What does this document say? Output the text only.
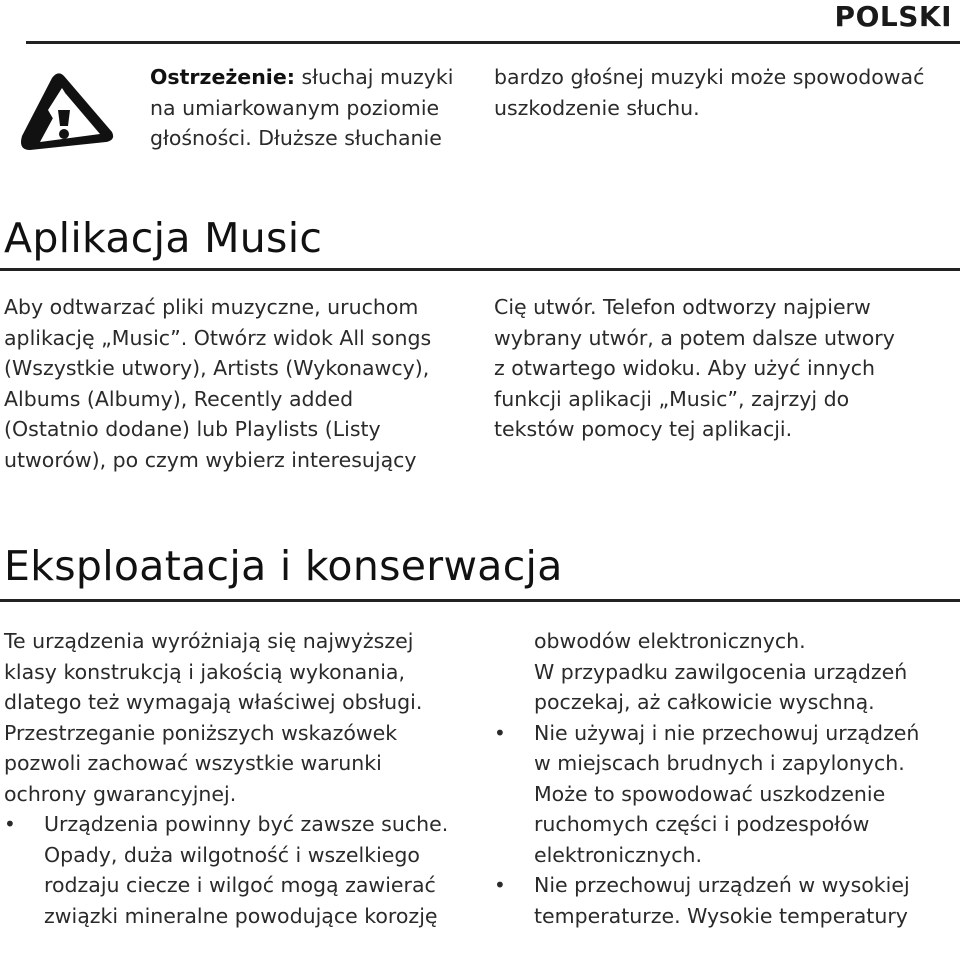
POLSKI

Ostrzeżenie: słuchaj muzyki

na umiarkowanym poziomie

głośności. Dłuższe słuchanie

bardzo głośnej muzyki może spowodować

uszkodzenie słuchu.

Aplikacja Music

Aby odtwarzać pliki muzyczne, uruchom

aplikację „Music”. Otwórz widok All songs

(Wszystkie utwory), Artists (Wykonawcy),

Albums (Albumy), Recently added

(Ostatnio dodane) lub Playlists (Listy

utworów), po czym wybierz interesujący

Cię utwór. Telefon odtworzy najpierw

wybrany utwór, a potem dalsze utwory

z otwartego widoku. Aby użyć innych

funkcji aplikacji „Music”, zajrzyj do

tekstów pomocy tej aplikacji.

Eksploatacja i konserwacja

Te urządzenia wyróżniają się najwyższej

klasy konstrukcją i jakością wykonania,

dlatego też wymagają właściwej obsługi.

Przestrzeganie poniższych wskazówek

pozwoli zachować wszystkie warunki

ochrony gwarancyjnej.

• Urządzenia powinny być zawsze suche.

Opady, duża wilgotność i wszelkiego

rodzaju ciecze i wilgoć mogą zawierać

związki mineralne powodujące korozję

obwodów elektronicznych.

W przypadku zawilgocenia urządzeń

poczekaj, aż całkowicie wyschną.

• Nie używaj i nie przechowuj urządzeń

w miejscach brudnych i zapylonych.

Może to spowodować uszkodzenie

ruchomych części i podzespołów

elektronicznych.

• Nie przechowuj urządzeń w wysokiej

temperaturze. Wysokie temperatury
